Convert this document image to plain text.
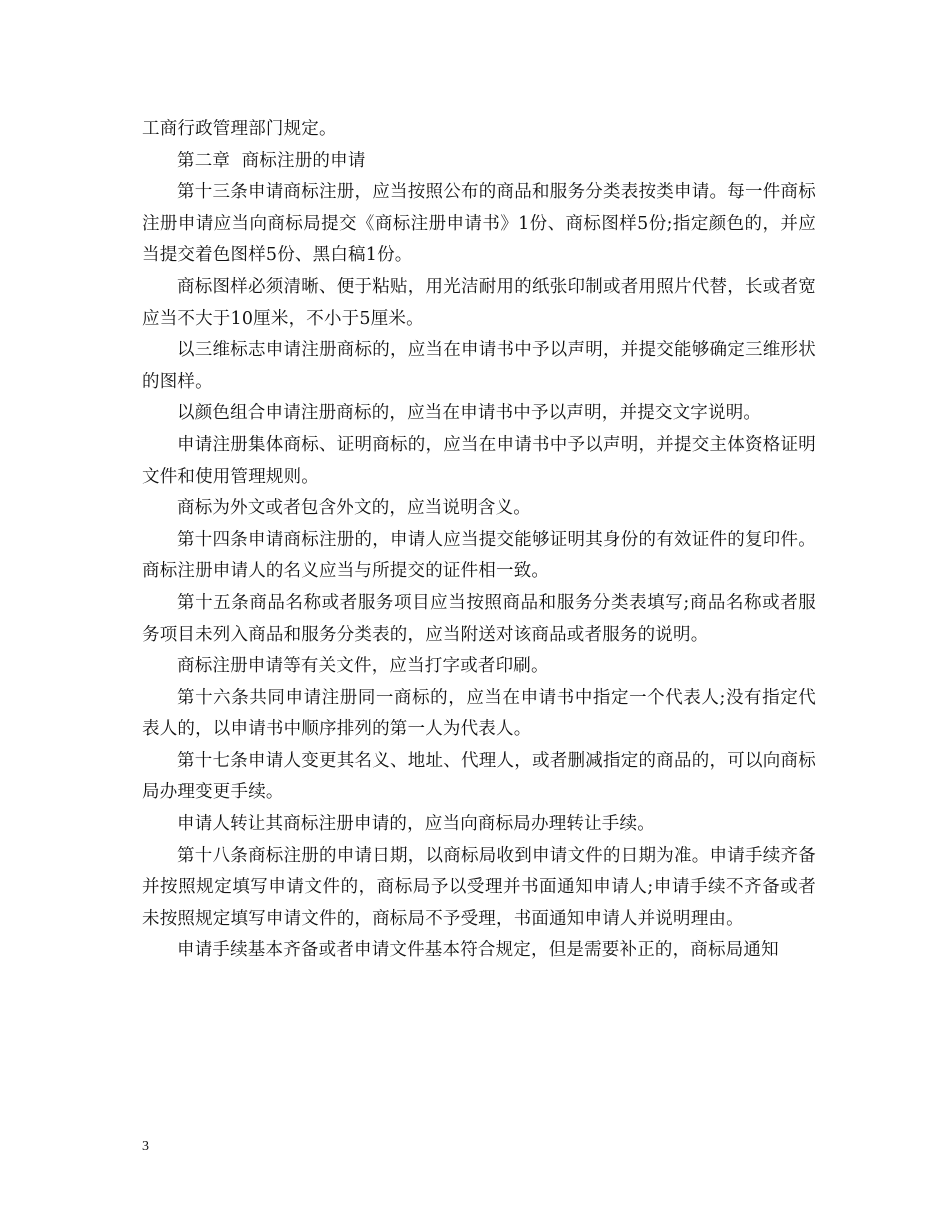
工商行政管理部门规定。

第二章  商标注册的申请

第十三条申请商标注册，应当按照公布的商品和服务分类表按类申请。每一件商标注册申请应当向商标局提交《商标注册申请书》1份、商标图样5份;指定颜色的，并应当提交着色图样5份、黑白稿1份。

商标图样必须清晰、便于粘贴，用光洁耐用的纸张印制或者用照片代替，长或者宽应当不大于10厘米，不小于5厘米。

以三维标志申请注册商标的，应当在申请书中予以声明，并提交能够确定三维形状的图样。

以颜色组合申请注册商标的，应当在申请书中予以声明，并提交文字说明。

申请注册集体商标、证明商标的，应当在申请书中予以声明，并提交主体资格证明文件和使用管理规则。

商标为外文或者包含外文的，应当说明含义。

第十四条申请商标注册的，申请人应当提交能够证明其身份的有效证件的复印件。商标注册申请人的名义应当与所提交的证件相一致。

第十五条商品名称或者服务项目应当按照商品和服务分类表填写;商品名称或者服务项目未列入商品和服务分类表的，应当附送对该商品或者服务的说明。

商标注册申请等有关文件，应当打字或者印刷。

第十六条共同申请注册同一商标的，应当在申请书中指定一个代表人;没有指定代表人的，以申请书中顺序排列的第一人为代表人。

第十七条申请人变更其名义、地址、代理人，或者删减指定的商品的，可以向商标局办理变更手续。

申请人转让其商标注册申请的，应当向商标局办理转让手续。

第十八条商标注册的申请日期，以商标局收到申请文件的日期为准。申请手续齐备并按照规定填写申请文件的，商标局予以受理并书面通知申请人;申请手续不齐备或者未按照规定填写申请文件的，商标局不予受理，书面通知申请人并说明理由。

申请手续基本齐备或者申请文件基本符合规定，但是需要补正的，商标局通知

3
